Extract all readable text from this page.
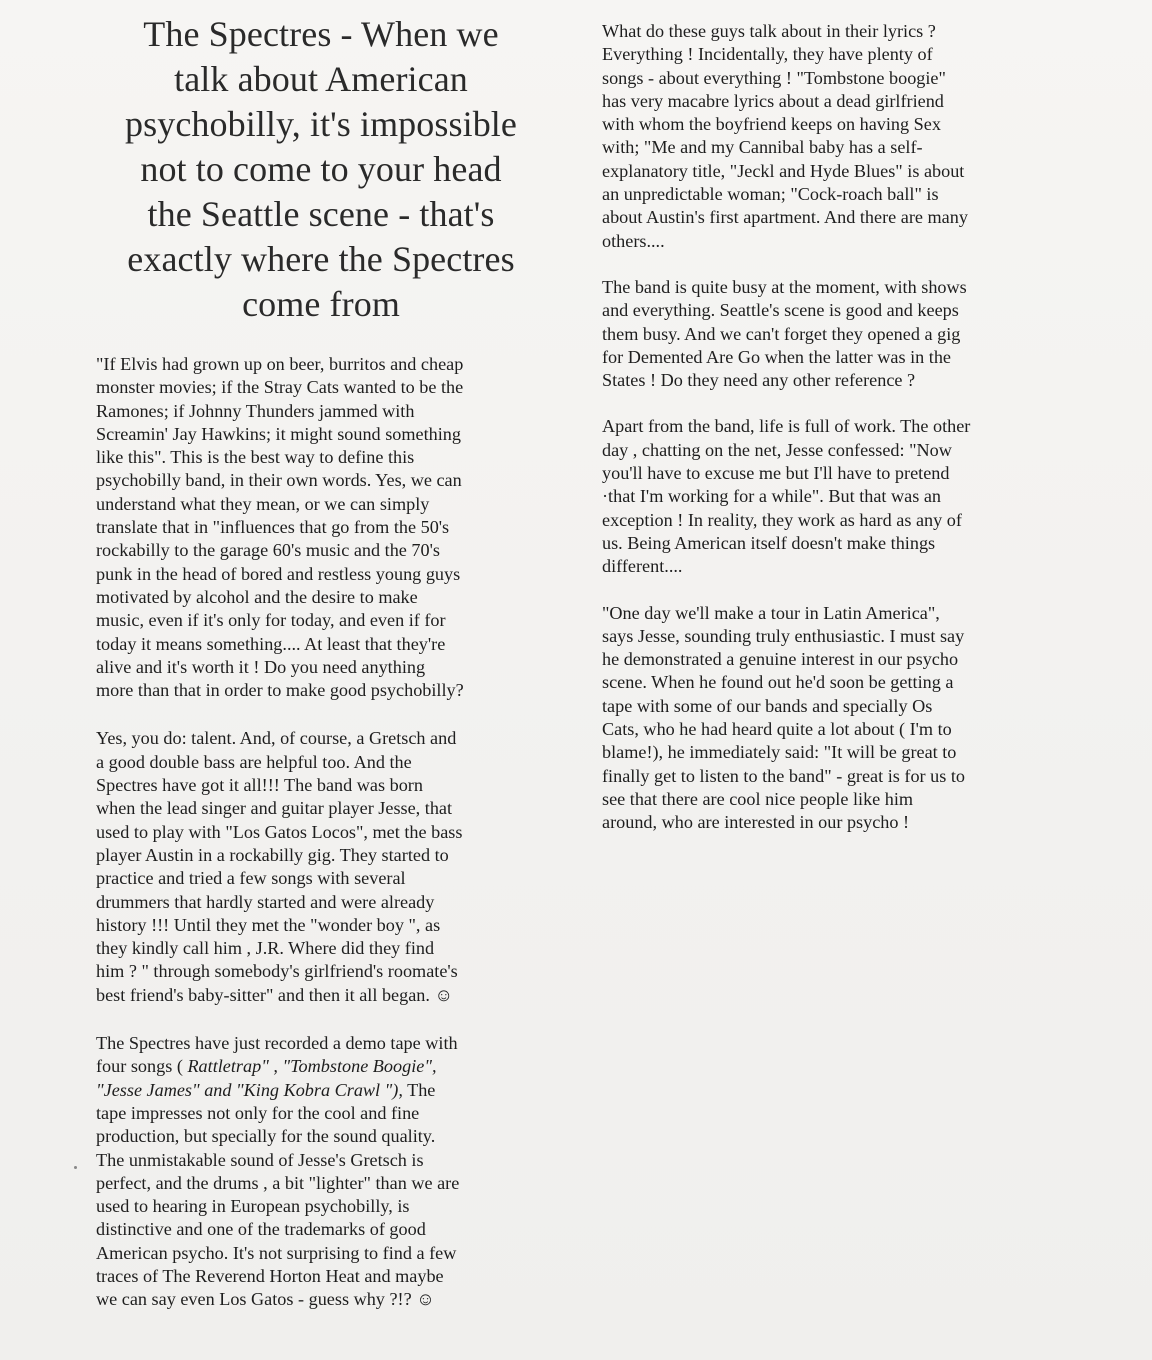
The Spectres - When we
talk about American
psychobilly, it's impossible
not to come to your head
the Seattle scene - that's
exactly where the Spectres
come from
"If Elvis had grown up on beer, burritos and cheap
monster movies; if the Stray Cats wanted to be the
Ramones; if Johnny Thunders jammed with
Screamin' Jay Hawkins; it might sound something
like this". This is the best way to define this
psychobilly band, in their own words. Yes, we can
understand what they mean, or we can simply
translate that in "influences that go from the 50's
rockabilly to the garage 60's music and the 70's
punk in the head of bored and restless young guys
motivated by alcohol and the desire to make
music, even if it's only for today, and even if for
today it means something.... At least that they're
alive and it's worth it ! Do you need anything
more than that in order to make good psychobilly?
Yes, you do: talent. And, of course, a Gretsch and
a good double bass are helpful too. And the
Spectres have got it all!!! The band was born
when the lead singer and guitar player Jesse, that
used to play with "Los Gatos Locos", met the bass
player Austin in a rockabilly gig. They started to
practice and tried a few songs with several
drummers that hardly started and were already
history !!! Until they met the "wonder boy ", as
they kindly call him , J.R. Where did they find
him ? " through somebody's girlfriend's roomate's
best friend's baby-sitter" and then it all began. ☺
The Spectres have just recorded a demo tape with
four songs ( Rattletrap" , "Tombstone Boogie",
"Jesse James" and "King Kobra Crawl "), The
tape impresses not only for the cool and fine
production, but specially for the sound quality.
The unmistakable sound of Jesse's Gretsch is
perfect, and the drums , a bit "lighter" than we are
used to hearing in European psychobilly, is
distinctive and one of the trademarks of good
American psycho. It's not surprising to find a few
traces of The Reverend Horton Heat and maybe
we can say even Los Gatos - guess why ?!? ☺
What do these guys talk about in their lyrics ?
Everything ! Incidentally, they have plenty of
songs - about everything ! "Tombstone boogie"
has very macabre lyrics about a dead girlfriend
with whom the boyfriend keeps on having Sex
with; "Me and my Cannibal baby has a self-
explanatory title, "Jeckl and Hyde Blues" is about
an unpredictable woman; "Cock-roach ball" is
about Austin's first apartment. And there are many
others....
The band is quite busy at the moment, with shows
and everything. Seattle's scene is good and keeps
them busy. And we can't forget they opened a gig
for Demented Are Go when the latter was in the
States ! Do they need any other reference ?
Apart from the band, life is full of work. The other
day , chatting on the net, Jesse confessed: "Now
you'll have to excuse me but I'll have to pretend
·that I'm working for a while". But that was an
exception ! In reality, they work as hard as any of
us. Being American itself doesn't make things
different....
"One day we'll make a tour in Latin America",
says Jesse, sounding truly enthusiastic. I must say
he demonstrated a genuine interest in our psycho
scene. When he found out he'd soon be getting a
tape with some of our bands and specially Os
Cats, who he had heard quite a lot about ( I'm to
blame!), he immediately said: "It will be great to
finally get to listen to the band" - great is for us to
see that there are cool nice people like him
around, who are interested in our psycho !
